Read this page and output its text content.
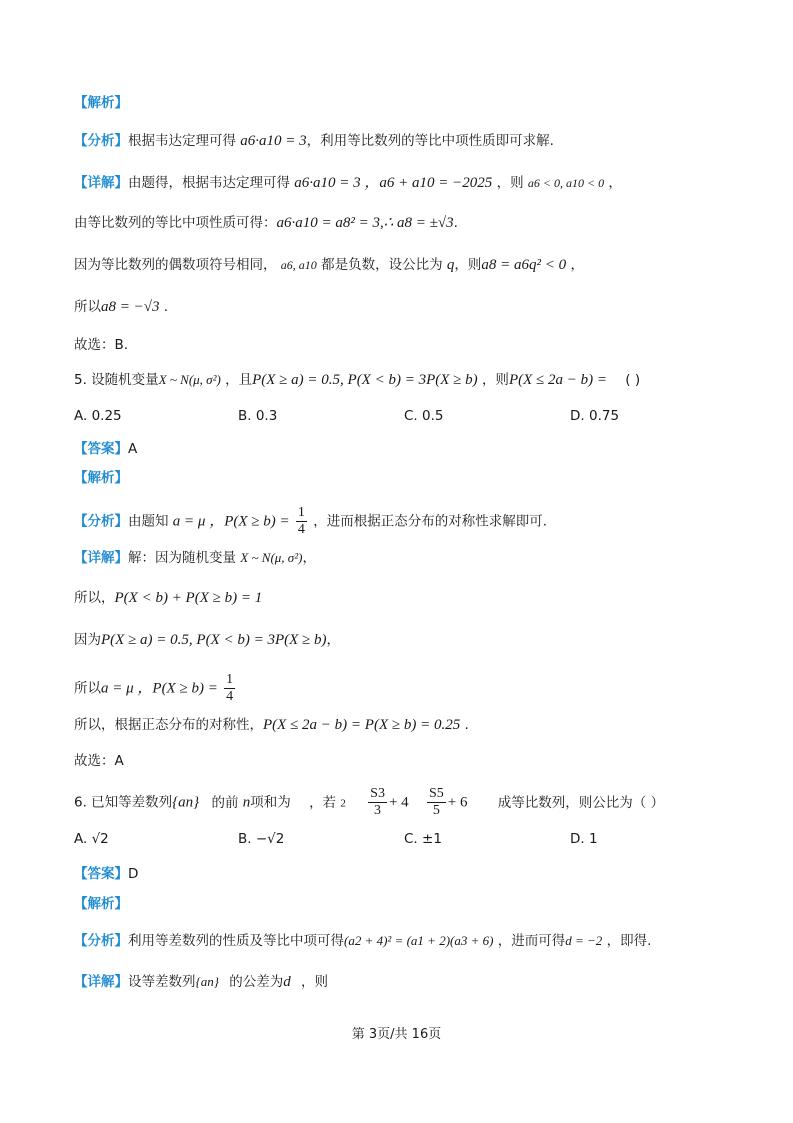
【解析】
【分析】根据韦达定理可得 a6·a10 = 3，利用等比数列的等比中项性质即可求解.
【详解】由题得，根据韦达定理可得 a6·a10 = 3 ，a6 + a10 = −2025 ，则 a6 < 0, a10 < 0 ，
由等比数列的等比中项性质可得：a6·a10 = a8² = 3,∴ a8 = ±√3.
因为等比数列的偶数项符号相同， a6, a10 都是负数，设公比为 q，则a8 = a6q² < 0 ，
所以a8 = −√3 .
故选：B.
5. 设随机变量X ~ N(μ, σ²) ，且P(X ≥ a) = 0.5, P(X < b) = 3P(X ≥ b) ，则P(X ≤ 2a − b) = ( )
A. 0.25	B. 0.3	C. 0.5	D. 0.75
【答案】A
【解析】
【分析】由题知 a = μ ，$P(X \ge b) = \frac{1}{4}$ ，进而根据正态分布的对称性求解即可.
【详解】解：因为随机变量 X ~ N(μ, σ²)，
所以，P(X < b) + P(X ≥ b) = 1
因为P(X ≥ a) = 0.5, P(X < b) = 3P(X ≥ b)，
所以a = μ ，$P(X \ge b) = \frac{1}{4}$
所以，根据正态分布的对称性，P(X ≤ 2a − b) = P(X ≥ b) = 0.25 .
故选：A
6. 已知等差数列{an} 的前 n项和为 ，若 $2 \frac{S3}{3} + 4 \frac{S5}{5} + 6$ 成等比数列，则公比为（ ）
A. √2	B. −√2	C. ±1	D. 1
【答案】D
【解析】
【分析】利用等差数列的性质及等比中项可得(a2 + 4)² = (a1 + 2)(a3 + 6) ，进而可得d = −2 ，即得.
【详解】设等差数列{an} 的公差为d ，则
第 3页/共 16页
